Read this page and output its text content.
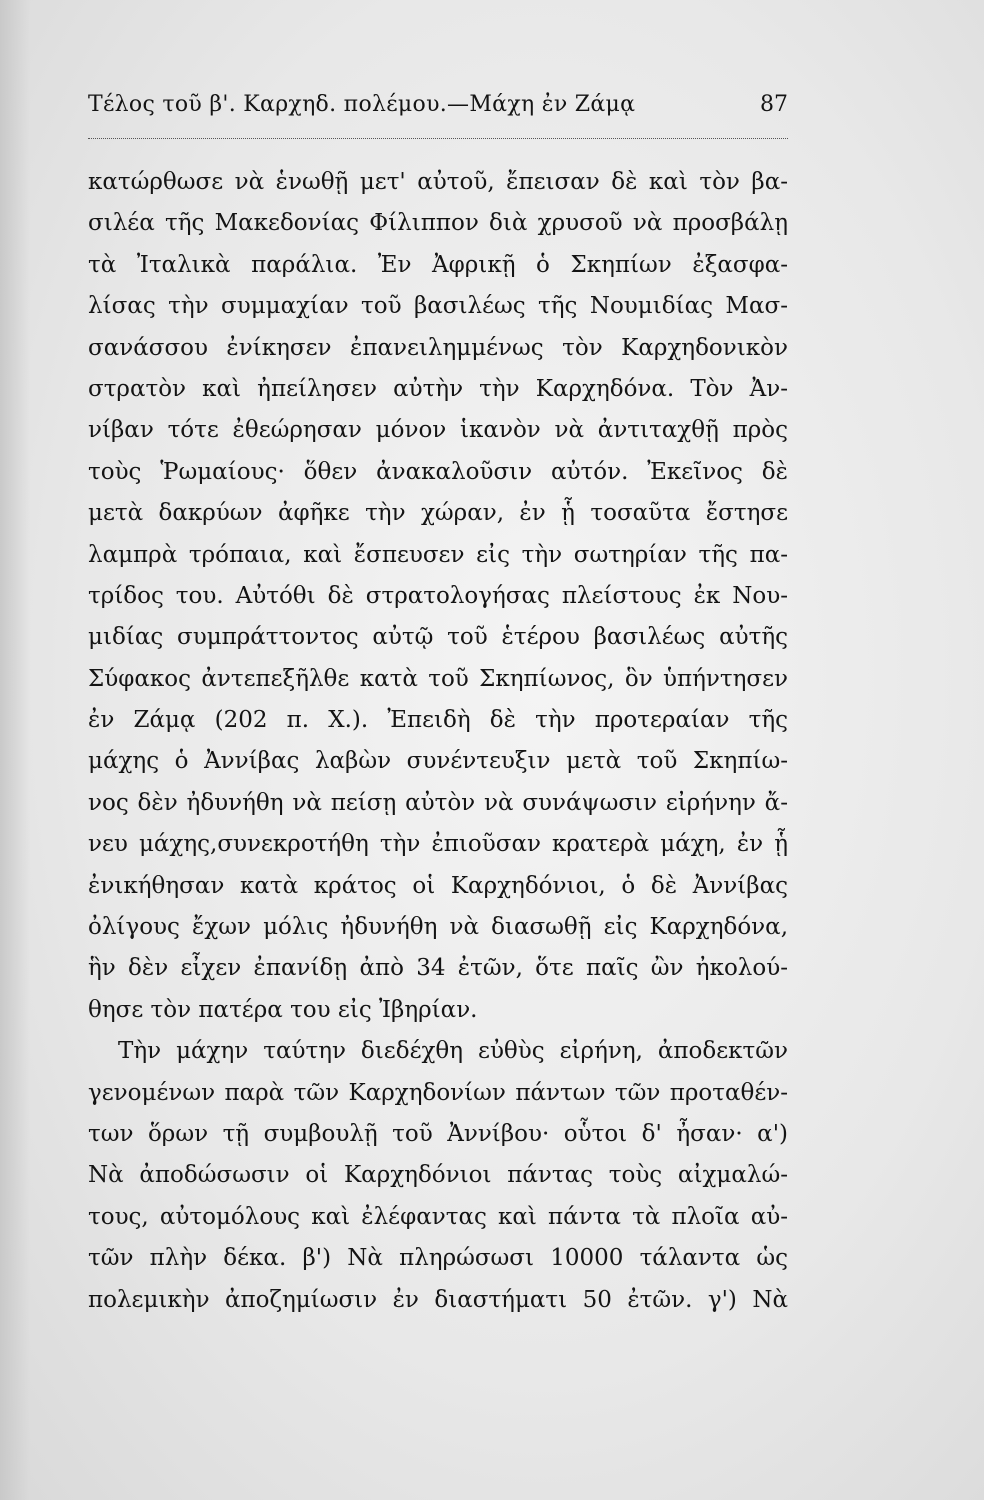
Τέλος τοῦ β'. Καρχηδ. πολέμου.—Μάχη ἐν Ζάμᾳ	87
κατώρθωσε νὰ ἑνωθῇ μετ' αὐτοῦ, ἔπεισαν δὲ καὶ τὸν βα-
σιλέα τῆς Μακεδονίας Φίλιππον διὰ χρυσοῦ νὰ προσβάλῃ
τὰ Ἰταλικὰ παράλια. Ἐν Ἀφρικῇ ὁ Σκηπίων ἐξασφα-
λίσας τὴν συμμαχίαν τοῦ βασιλέως τῆς Νουμιδίας Μασ-
σανάσσου ἐνίκησεν ἐπανειλημμένως τὸν Καρχηδονικὸν
στρατὸν καὶ ἠπείλησεν αὐτὴν τὴν Καρχηδόνα. Τὸν Ἀν-
νίβαν τότε ἐθεώρησαν μόνον ἱκανὸν νὰ ἀντιταχθῇ πρὸς
τοὺς Ῥωμαίους· ὅθεν ἀνακαλοῦσιν αὐτόν. Ἐκεῖνος δὲ
μετὰ δακρύων ἀφῆκε τὴν χώραν, ἐν ᾗ τοσαῦτα ἔστησε
λαμπρὰ τρόπαια, καὶ ἔσπευσεν εἰς τὴν σωτηρίαν τῆς πα-
τρίδος του. Αὐτόθι δὲ στρατολογήσας πλείστους ἐκ Νου-
μιδίας συμπράττοντος αὐτῷ τοῦ ἑτέρου βασιλέως αὐτῆς
Σύφακος ἀντεπεξῆλθε κατὰ τοῦ Σκηπίωνος, ὃν ὑπήντησεν
ἐν Ζάμᾳ (202 π. Χ.). Ἐπειδὴ δὲ τὴν προτεραίαν τῆς
μάχης ὁ Ἀννίβας λαβὼν συνέντευξιν μετὰ τοῦ Σκηπίω-
νος δὲν ἠδυνήθη νὰ πείσῃ αὐτὸν νὰ συνάψωσιν εἰρήνην ἄ-
νευ μάχης,συνεκροτήθη τὴν ἐπιοῦσαν κρατερὰ μάχη, ἐν ᾗ
ἐνικήθησαν κατὰ κράτος οἱ Καρχηδόνιοι, ὁ δὲ Ἀννίβας
ὀλίγους ἔχων μόλις ἠδυνήθη νὰ διασωθῇ εἰς Καρχηδόνα,
ἣν δὲν εἶχεν ἐπανίδῃ ἀπὸ 34 ἐτῶν, ὅτε παῖς ὢν ἠκολού-
θησε τὸν πατέρα του εἰς Ἰβηρίαν.
Τὴν μάχην ταύτην διεδέχθη εὐθὺς εἰρήνη, ἀποδεκτῶν
γενομένων παρὰ τῶν Καρχηδονίων πάντων τῶν προταθέν-
των ὅρων τῇ συμβουλῇ τοῦ Ἀννίβου· οὗτοι δ' ἦσαν· α')
Νὰ ἀποδώσωσιν οἱ Καρχηδόνιοι πάντας τοὺς αἰχμαλώ-
τους, αὐτομόλους καὶ ἐλέφαντας καὶ πάντα τὰ πλοῖα αὐ-
τῶν πλὴν δέκα. β') Νὰ πληρώσωσι 10000 τάλαντα ὡς
πολεμικὴν ἀποζημίωσιν ἐν διαστήματι 50 ἐτῶν. γ') Νὰ
